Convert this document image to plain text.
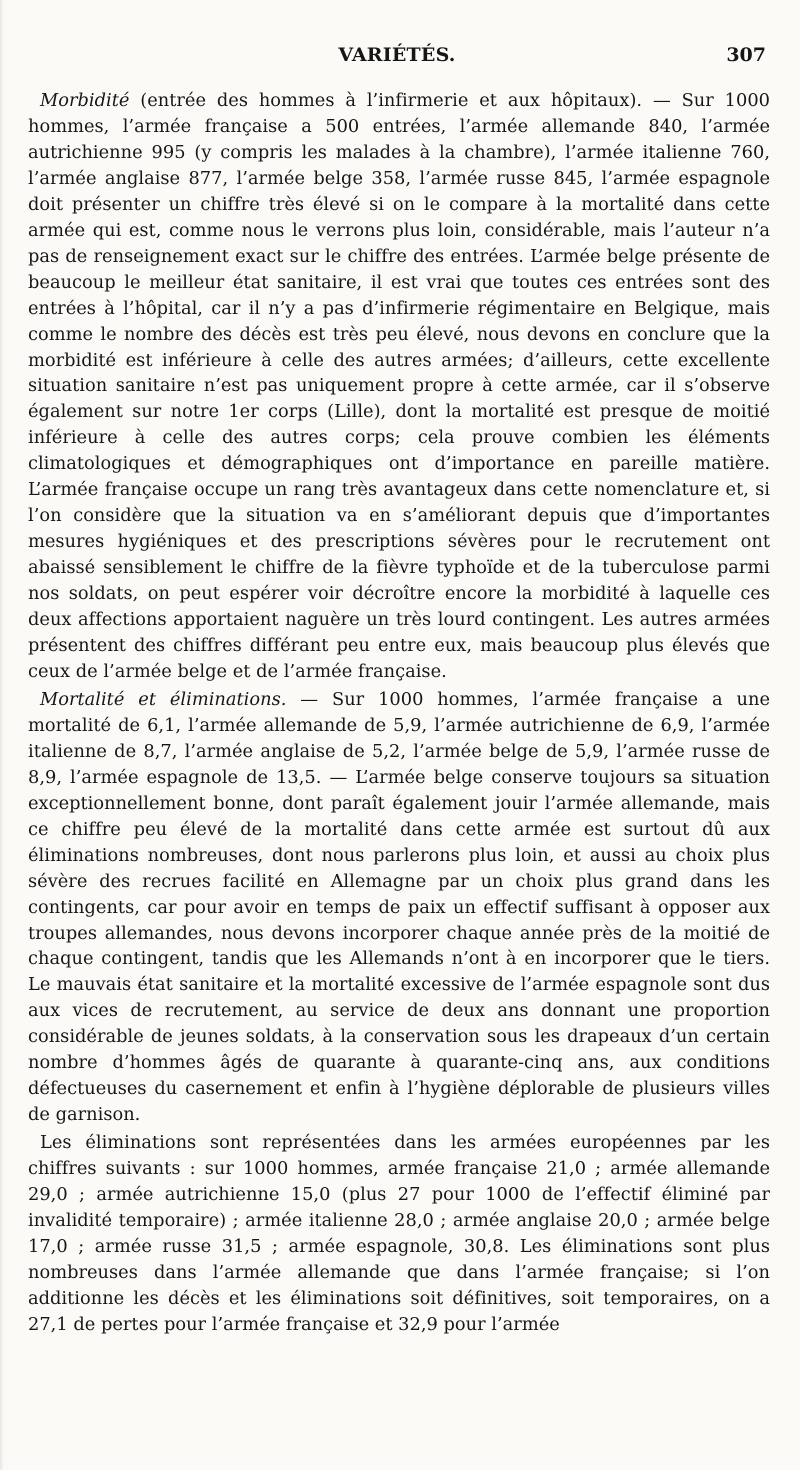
VARIÉTÉS.	307

Morbidité (entrée des hommes à l’infirmerie et aux hôpitaux). — Sur 1000 hommes, l’armée française a 500 entrées, l’armée allemande 840, l’armée autrichienne 995 (y compris les malades à la chambre), l’armée italienne 760, l’armée anglaise 877, l’armée belge 358, l’armée russe 845, l’armée espagnole doit présenter un chiffre très élevé si on le compare à la mortalité dans cette armée qui est, comme nous le verrons plus loin, considérable, mais l’auteur n’a pas de renseignement exact sur le chiffre des entrées. L’armée belge présente de beaucoup le meilleur état sanitaire, il est vrai que toutes ces entrées sont des entrées à l’hôpital, car il n’y a pas d’infirmerie régimentaire en Belgique, mais comme le nombre des décès est très peu élevé, nous devons en conclure que la morbidité est inférieure à celle des autres armées; d’ailleurs, cette excellente situation sanitaire n’est pas uniquement propre à cette armée, car il s’observe également sur notre 1er corps (Lille), dont la mortalité est presque de moitié inférieure à celle des autres corps; cela prouve combien les éléments climatologiques et démographiques ont d’importance en pareille matière. L’armée française occupe un rang très avantageux dans cette nomenclature et, si l’on considère que la situation va en s’améliorant depuis que d’importantes mesures hygiéniques et des prescriptions sévères pour le recrutement ont abaissé sensiblement le chiffre de la fièvre typhoïde et de la tuberculose parmi nos soldats, on peut espérer voir décroître encore la morbidité à laquelle ces deux affections apportaient naguère un très lourd contingent. Les autres armées présentent des chiffres différant peu entre eux, mais beaucoup plus élevés que ceux de l’armée belge et de l’armée française.

Mortalité et éliminations. — Sur 1000 hommes, l’armée française a une mortalité de 6,1, l’armée allemande de 5,9, l’armée autrichienne de 6,9, l’armée italienne de 8,7, l’armée anglaise de 5,2, l’armée belge de 5,9, l’armée russe de 8,9, l’armée espagnole de 13,5. — L’armée belge conserve toujours sa situation exceptionnellement bonne, dont paraît également jouir l’armée allemande, mais ce chiffre peu élevé de la mortalité dans cette armée est surtout dû aux éliminations nombreuses, dont nous parlerons plus loin, et aussi au choix plus sévère des recrues facilité en Allemagne par un choix plus grand dans les contingents, car pour avoir en temps de paix un effectif suffisant à opposer aux troupes allemandes, nous devons incorporer chaque année près de la moitié de chaque contingent, tandis que les Allemands n’ont à en incorporer que le tiers. Le mauvais état sanitaire et la mortalité excessive de l’armée espagnole sont dus aux vices de recrutement, au service de deux ans donnant une proportion considérable de jeunes soldats, à la conservation sous les drapeaux d’un certain nombre d’hommes âgés de quarante à quarante-cinq ans, aux conditions défectueuses du casernement et enfin à l’hygiène déplorable de plusieurs villes de garnison.

Les éliminations sont représentées dans les armées européennes par les chiffres suivants : sur 1000 hommes, armée française 21,0 ; armée allemande 29,0 ; armée autrichienne 15,0 (plus 27 pour 1000 de l’effectif éliminé par invalidité temporaire) ; armée italienne 28,0 ; armée anglaise 20,0 ; armée belge 17,0 ; armée russe 31,5 ; armée espagnole, 30,8. Les éliminations sont plus nombreuses dans l’armée allemande que dans l’armée française; si l’on additionne les décès et les éliminations soit définitives, soit temporaires, on a 27,1 de pertes pour l’armée française et 32,9 pour l’armée
